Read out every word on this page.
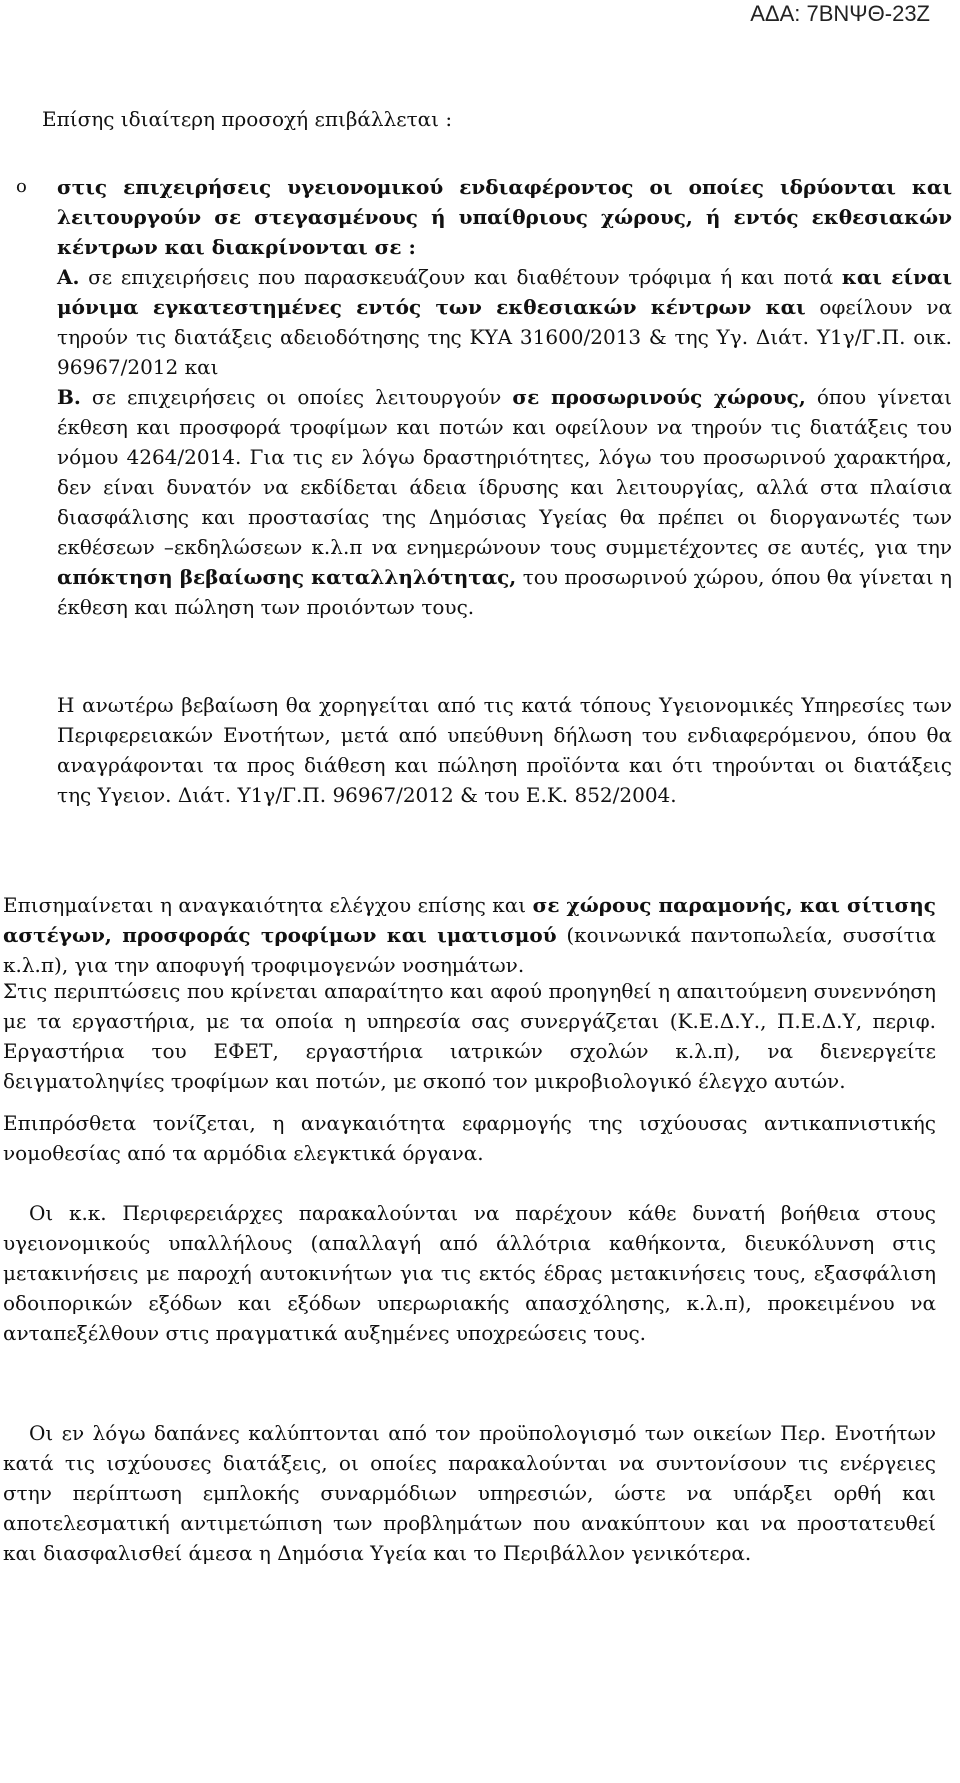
ΑΔΑ: 7ΒΝΨΘ-23Ζ
Επίσης ιδιαίτερη προσοχή επιβάλλεται :
o στις επιχειρήσεις υγειονομικού ενδιαφέροντος οι οποίες ιδρύονται και λειτουργούν σε στεγασμένους ή υπαίθριους χώρους, ή εντός εκθεσιακών κέντρων και διακρίνονται σε :

Α. σε επιχειρήσεις που παρασκευάζουν και διαθέτουν τρόφιμα ή και ποτά και είναι μόνιμα εγκατεστημένες εντός των εκθεσιακών κέντρων και οφείλουν να τηρούν τις διατάξεις αδειοδότησης της ΚΥΑ 31600/2013 & της Υγ. Διάτ. Υ1γ/Γ.Π. οικ. 96967/2012 και

Β. σε επιχειρήσεις οι οποίες λειτουργούν σε προσωρινούς χώρους, όπου γίνεται έκθεση και προσφορά τροφίμων και ποτών και οφείλουν να τηρούν τις διατάξεις του νόμου 4264/2014. Για τις εν λόγω δραστηριότητες, λόγω του προσωρινού χαρακτήρα, δεν είναι δυνατόν να εκδίδεται άδεια ίδρυσης και λειτουργίας, αλλά στα πλαίσια διασφάλισης και προστασίας της Δημόσιας Υγείας θα πρέπει οι διοργανωτές των εκθέσεων –εκδηλώσεων κ.λ.π να ενημερώνουν τους συμμετέχοντες σε αυτές, για την απόκτηση βεβαίωσης καταλληλότητας, του προσωρινού χώρου, όπου θα γίνεται η έκθεση και πώληση των προιόντων τους.

Η ανωτέρω βεβαίωση θα χορηγείται από τις κατά τόπους Υγειονομικές Υπηρεσίες των Περιφερειακών Ενοτήτων, μετά από υπεύθυνη δήλωση του ενδιαφερόμενου, όπου θα αναγράφονται τα προς διάθεση και πώληση προϊόντα και ότι τηρούνται οι διατάξεις της Υγειον. Διάτ. Υ1γ/Γ.Π. 96967/2012 & του Ε.Κ. 852/2004.

Επισημαίνεται η αναγκαιότητα ελέγχου επίσης και σε χώρους παραμονής, και σίτισης αστέγων, προσφοράς τροφίμων και ιματισμού (κοινωνικά παντοπωλεία, συσσίτια κ.λ.π), για την αποφυγή τροφιμογενών νοσημάτων.

Στις περιπτώσεις που κρίνεται απαραίτητο και αφού προηγηθεί η απαιτούμενη συνεννόηση με τα εργαστήρια, με τα οποία η υπηρεσία σας συνεργάζεται (Κ.Ε.Δ.Υ., Π.Ε.Δ.Υ, περιφ. Εργαστήρια του ΕΦΕΤ, εργαστήρια ιατρικών σχολών κ.λ.π), να διενεργείτε δειγματοληψίες τροφίμων και ποτών, με σκοπό τον μικροβιολογικό έλεγχο αυτών.
Επιπρόσθετα τονίζεται, η αναγκαιότητα εφαρμογής της ισχύουσας αντικαπνιστικής νομοθεσίας από τα αρμόδια ελεγκτικά όργανα.
Οι κ.κ. Περιφερειάρχες παρακαλούνται να παρέχουν κάθε δυνατή βοήθεια στους υγειονομικούς υπαλλήλους (απαλλαγή από άλλότρια καθήκοντα, διευκόλυνση στις μετακινήσεις με παροχή αυτοκινήτων για τις εκτός έδρας μετακινήσεις τους, εξασφάλιση οδοιπορικών εξόδων και εξόδων υπερωριακής απασχόλησης, κ.λ.π), προκειμένου να ανταπεξέλθουν στις πραγματικά αυξημένες υποχρεώσεις τους.
Οι εν λόγω δαπάνες καλύπτονται από τον προϋπολογισμό των οικείων Περ. Ενοτήτων κατά τις ισχύουσες διατάξεις, οι οποίες παρακαλούνται να συντονίσουν τις ενέργειες στην περίπτωση εμπλοκής συναρμόδιων υπηρεσιών, ώστε να υπάρξει ορθή και αποτελεσματική αντιμετώπιση των προβλημάτων που ανακύπτουν και να προστατευθεί και διασφαλισθεί άμεσα η Δημόσια Υγεία και το Περιβάλλον γενικότερα.
